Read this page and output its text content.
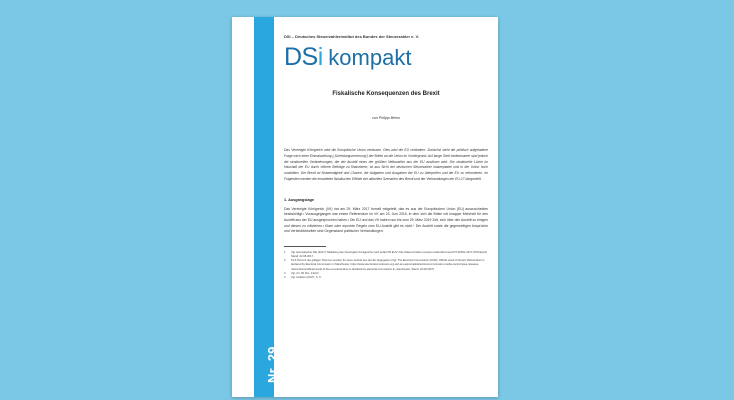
Nr. 29 23. November 2017
DSi – Deutsches Steuerzahlerinstitut des Bundes der Steuerzahler e. V.
DS i kompakt
Fiskalische Konsequenzen des Brexit
von Philipp Behm
Das Vereinigte Königreich wird die Europäische Union verlassen. Dies wird die EU verändern. Zunächst steht die politisch aufgeladene Frage nach einer Einmalzahlung („Scheidungsrechnung“) der Briten an die Union im Vordergrund. Auf lange Sicht bedeutsamer sind jedoch die strukturellen Veränderungen, die der Austritt eines der größten Nettozahler aus der EU auslösen wird. Die strukturelle Lücke im Haushalt der EU durch höhere Beiträge zu finanzieren, ist aus Sicht der deutschen Steuerzahler inakzeptabel und in der Union hoch umstritten. Der Brexit ist Notwendigkeit und Chance, die Aufgaben und Ausgaben der EU zu überprüfen und die EU zu reformieren. Im Folgenden werden die erwarteten fiskalischen Effekte der aktuellen Szenarien des Brexit und der Verhandlungen der EU-27 dargestellt.
1. Ausgangslage
Das Vereinigte Königreich (VK) hat am 29. März 2017 formell mitgeteilt, das es aus der Europäischen Union (EU) auszuscheiden beabsichtigt.¹ Vorausgegangen war einem Referendum im VK am 23. Juni 2016, in dem sich die Briten mit knapper Mehrheit für den Austritt aus der EU ausgesprochen haben.² Die EU und das VK haben nun bis zum 29. März 2019 Zeit, sich über den Austritt zu einigen und diesen zu vollziehen.³ Klare oder erprobte Regeln zum EU-Austritt gibt es nicht.⁴ Der Austritt sowie die gegenseitigen Ansprüche und Verbindlichkeiten sind Gegenstand politischer Verhandlungen.
1	Vgl. Europäischer Rat (2017): Mitteilung des Vereinigten Königreichs nach Artikel 50 EUV, http://data.consilium.europa.eu/doc/document/XT-20001-2017-INIT/de/pdf, Stand: 22.08.2017.
2	51,9 Prozent der gültigen Stimmen wurden für einen Austritt aus der EU abgegeben (Vgl. The Electoral Commission (2016): Official result of the EU Referendum is declared by Electoral Commission in Manchester, https://www.electoralcommission.org.uk/i-am-a/journalist/electoral-commission-media-centre/news-releases-referendums/official-result-of-the-eu-referendum-is-declared-by-electoral-commission-in-manchester, Stand: 22.08.2017).
3	Vgl. Art. 50 Abs. 3 EUV.
4	Vgl. Hefeker (2017), S. 9.
